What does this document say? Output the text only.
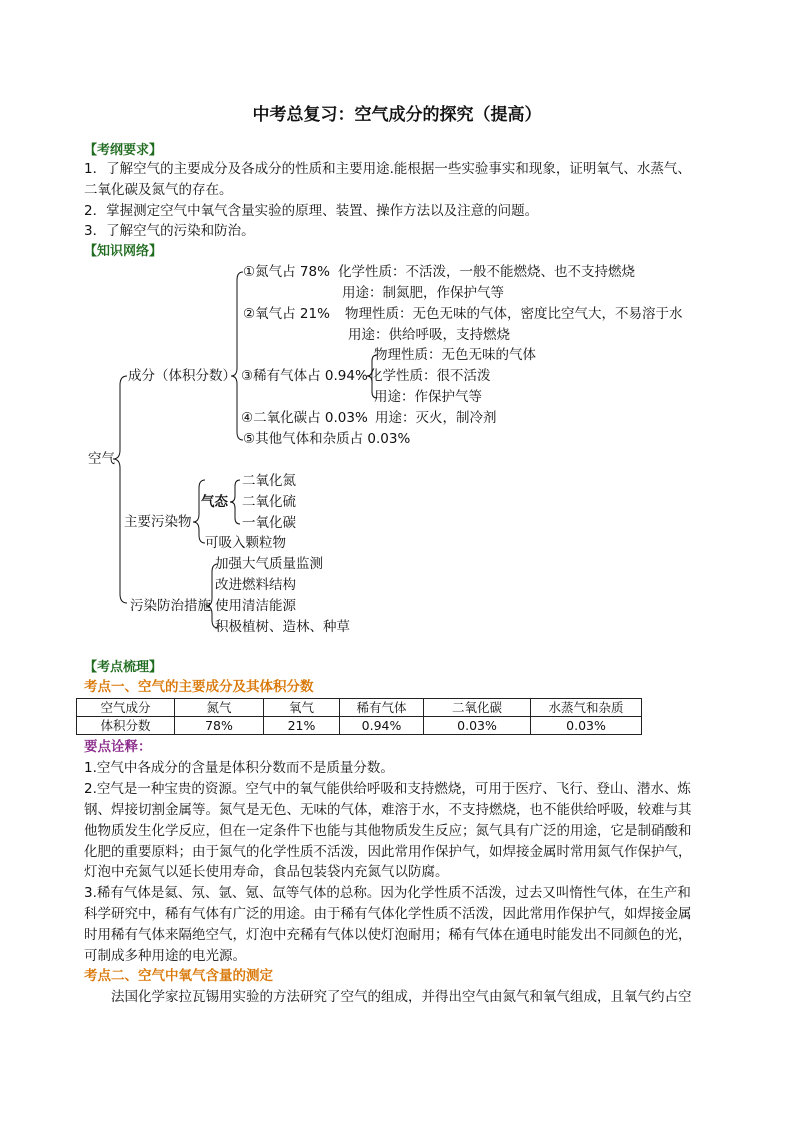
中考总复习：空气成分的探究（提高）
【考纲要求】
1．了解空气的主要成分及各成分的性质和主要用途.能根据一些实验事实和现象，证明氧气、水蒸气、
二氧化碳及氮气的存在。
2．掌握测定空气中氧气含量实验的原理、装置、操作方法以及注意的问题。
3．了解空气的污染和防治。
【知识网络】
空气
成分（体积分数）
①氮气占 78% 化学性质：不活泼，一般不能燃烧、也不支持燃烧
用途：制氮肥，作保护气等
②氧气占 21% 物理性质：无色无味的气体，密度比空气大，不易溶于水
用途：供给呼吸，支持燃烧
③稀有气体占 0.94%
物理性质：无色无味的气体
化学性质：很不活泼
用途：作保护气等
④二氧化碳占 0.03% 用途：灭火，制冷剂
⑤其他气体和杂质占 0.03%
主要污染物
气态
二氧化氮
二氧化硫
一氧化碳
可吸入颗粒物
污染防治措施
加强大气质量监测
改进燃料结构
使用清洁能源
积极植树、造林、种草
【考点梳理】
考点一、空气的主要成分及其体积分数
空气成分	氮气	氧气	稀有气体	二氧化碳	水蒸气和杂质
体积分数	78%	21%	0.94%	0.03%	0.03%
要点诠释：
1.空气中各成分的含量是体积分数而不是质量分数。
2.空气是一种宝贵的资源。空气中的氧气能供给呼吸和支持燃烧，可用于医疗、飞行、登山、潜水、炼
钢、焊接切割金属等。氮气是无色、无味的气体，难溶于水，不支持燃烧，也不能供给呼吸，较难与其
他物质发生化学反应，但在一定条件下也能与其他物质发生反应；氮气具有广泛的用途，它是制硝酸和
化肥的重要原料；由于氮气的化学性质不活泼，因此常用作保护气，如焊接金属时常用氮气作保护气，
灯泡中充氮气以延长使用寿命，食品包装袋内充氮气以防腐。
3.稀有气体是氦、氖、氩、氪、氙等气体的总称。因为化学性质不活泼，过去又叫惰性气体，在生产和
科学研究中，稀有气体有广泛的用途。由于稀有气体化学性质不活泼，因此常用作保护气，如焊接金属
时用稀有气体来隔绝空气，灯泡中充稀有气体以使灯泡耐用；稀有气体在通电时能发出不同颜色的光，
可制成多种用途的电光源。
考点二、空气中氧气含量的测定
法国化学家拉瓦锡用实验的方法研究了空气的组成，并得出空气由氮气和氧气组成，且氧气约占空
